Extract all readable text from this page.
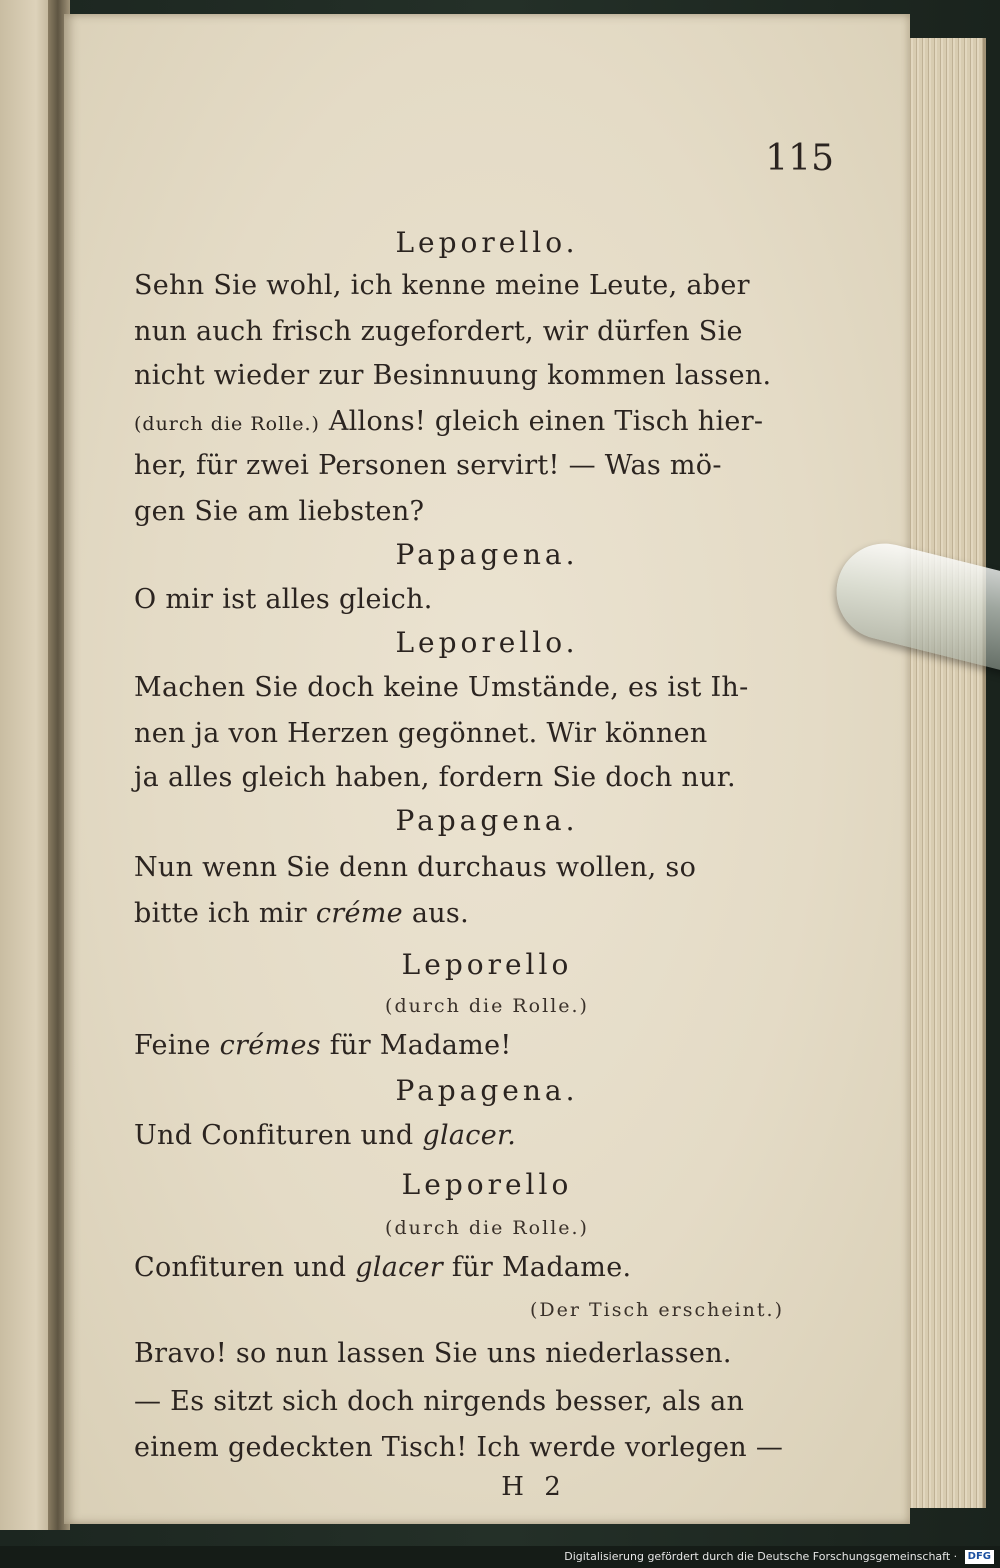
115
Leporello.
Sehn Sie wohl, ich kenne meine Leute, aber
nun auch frisch zugefordert, wir dürfen Sie
nicht wieder zur Besinnuung kommen lassen.
(durch die Rolle.) Allons! gleich einen Tisch hier-
her, für zwei Personen servirt! — Was mö-
gen Sie am liebsten?
Papagena.
O mir ist alles gleich.
Leporello.
Machen Sie doch keine Umstände, es ist Ih-
nen ja von Herzen gegönnet. Wir können
ja alles gleich haben, fordern Sie doch nur.
Papagena.
Nun wenn Sie denn durchaus wollen, so
bitte ich mir créme aus.
Leporello
(durch die Rolle.)
Feine crémes für Madame!
Papagena.
Und Confituren und glacer.
Leporello
(durch die Rolle.)
Confituren und glacer für Madame.
(Der Tisch erscheint.)
Bravo! so nun lassen Sie uns niederlassen.
— Es sitzt sich doch nirgends besser, als an
einem gedeckten Tisch! Ich werde vorlegen —
H 2
Digitalisierung gefördert durch die Deutsche Forschungsgemeinschaft · DFG
